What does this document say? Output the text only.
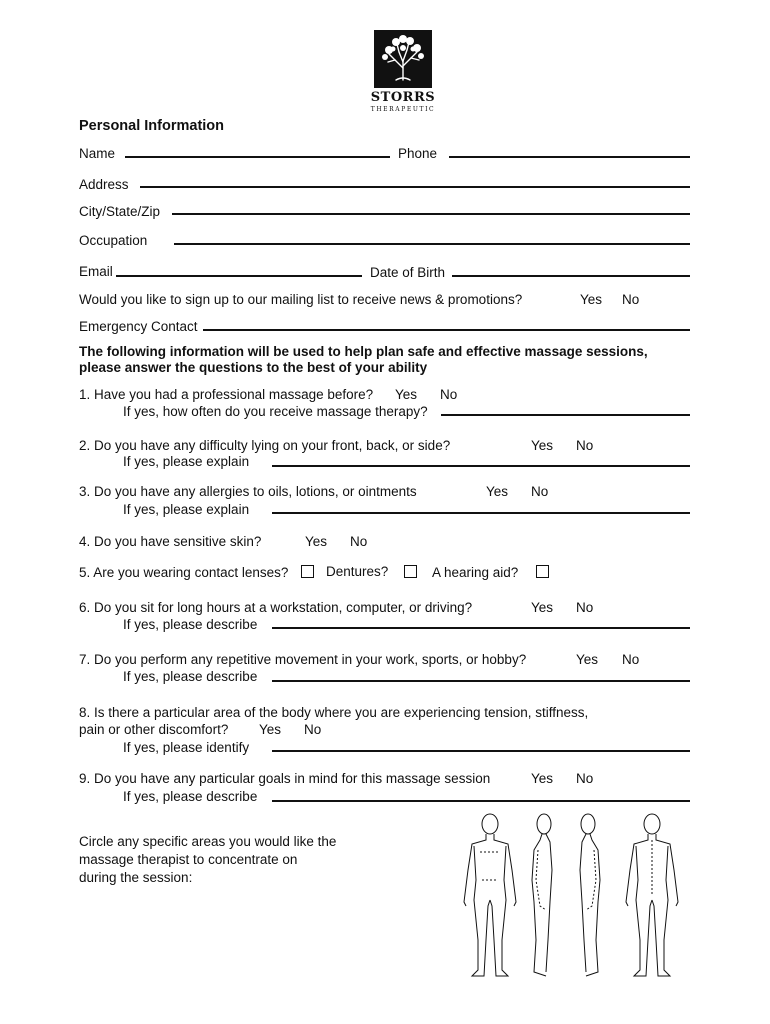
STORRS
THERAPEUTIC
Personal Information
Name	Phone
Address
City/State/Zip
Occupation
Email	Date of Birth
Would you like to sign up to our mailing list to receive news & promotions?	Yes No
Emergency Contact
The following information will be used to help plan safe and effective massage sessions,
please answer the questions to the best of your ability
1. Have you had a professional massage before? Yes No
If yes, how often do you receive massage therapy?
2. Do you have any difficulty lying on your front, back, or side?	Yes No
If yes, please explain
3. Do you have any allergies to oils, lotions, or ointments	Yes No
If yes, please explain
4. Do you have sensitive skin?	Yes No
5. Are you wearing contact lenses?	Dentures?	A hearing aid?
6. Do you sit for long hours at a workstation, computer, or driving?	Yes No
If yes, please describe
7. Do you perform any repetitive movement in your work, sports, or hobby?	Yes No
If yes, please describe
8. Is there a particular area of the body where you are experiencing tension, stiffness,
pain or other discomfort? Yes No
If yes, please identify
9. Do you have any particular goals in mind for this massage session	Yes No
If yes, please describe
Circle any specific areas you would like the
massage therapist to concentrate on
during the session:
